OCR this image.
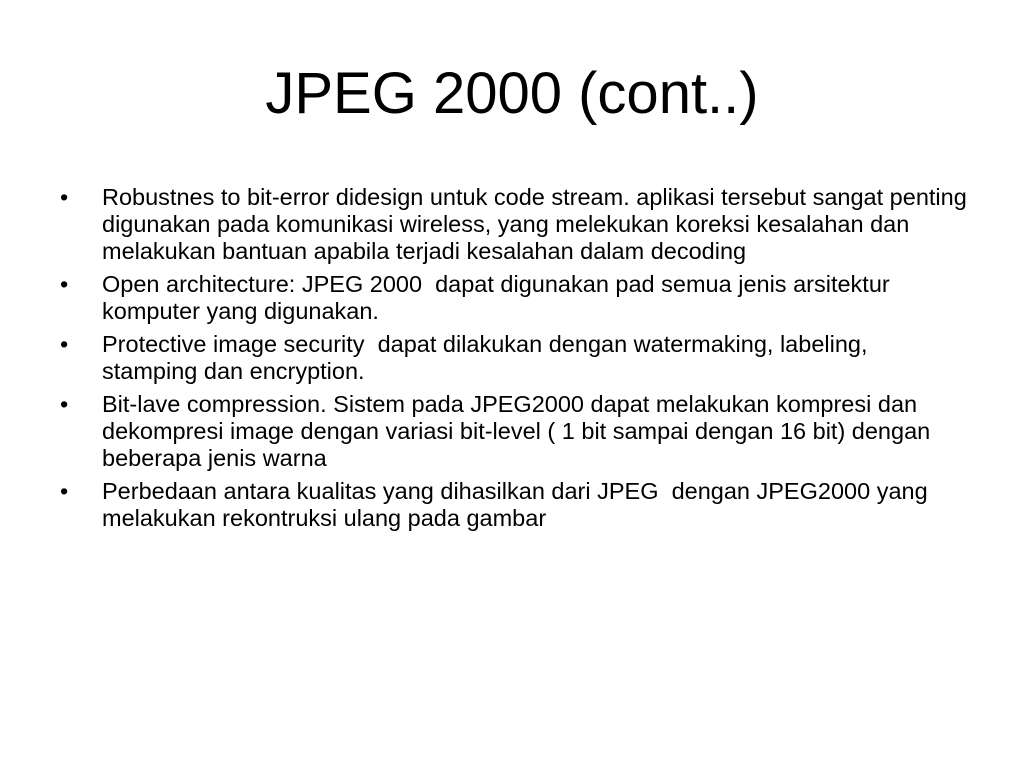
JPEG 2000 (cont..)
•	Robustnes to bit-error didesign untuk code stream. aplikasi tersebut sangat penting digunakan pada komunikasi wireless, yang melekukan koreksi kesalahan dan melakukan bantuan apabila terjadi kesalahan dalam decoding
•	Open architecture: JPEG 2000  dapat digunakan pad semua jenis arsitektur komputer yang digunakan.
•	Protective image security  dapat dilakukan dengan watermaking, labeling, stamping dan encryption.
•	Bit-lave compression. Sistem pada JPEG2000 dapat melakukan kompresi dan dekompresi image dengan variasi bit-level ( 1 bit sampai dengan 16 bit) dengan beberapa jenis warna
•	Perbedaan antara kualitas yang dihasilkan dari JPEG  dengan JPEG2000 yang melakukan rekontruksi ulang pada gambar
